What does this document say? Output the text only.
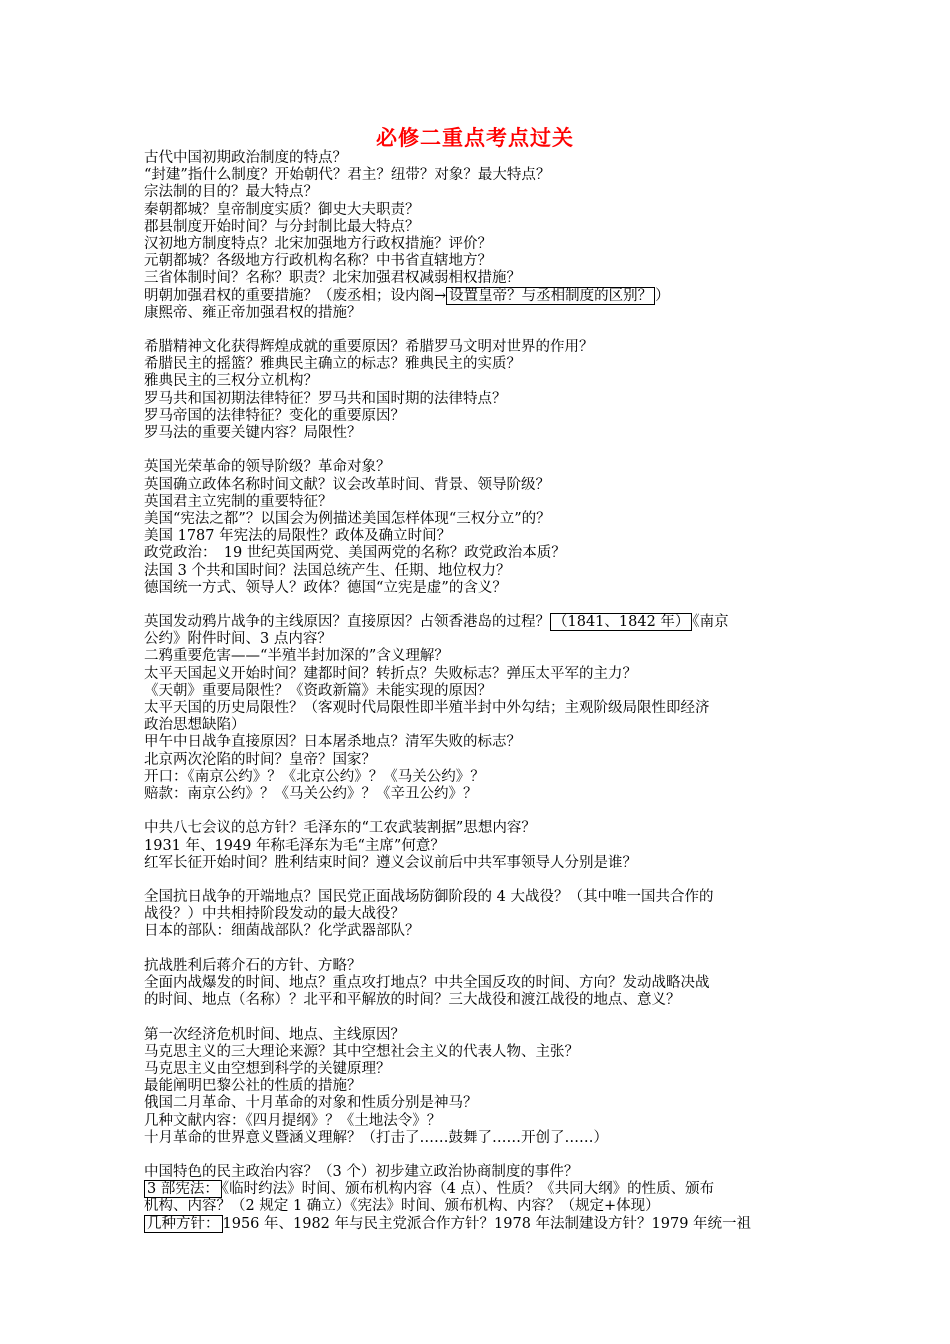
必修二重点考点过关
古代中国初期政治制度的特点？
“封建”指什么制度？开始朝代？君主？纽带？对象？最大特点？
宗法制的目的？最大特点？
秦朝都城？皇帝制度实质？御史大夫职责？
郡县制度开始时间？与分封制比最大特点？
汉初地方制度特点？北宋加强地方行政权措施？评价？
元朝都城？各级地方行政机构名称？中书省直辖地方？
三省体制时间？名称？职责？北宋加强君权减弱相权措施？
明朝加强君权的重要措施？（废丞相；设内阁→ 设置皇帝？与丞相制度的区别？ ）
康熙帝、雍正帝加强君权的措施？
希腊精神文化获得辉煌成就的重要原因？希腊罗马文明对世界的作用？
希腊民主的摇篮？雅典民主确立的标志？雅典民主的实质？
雅典民主的三权分立机构？
罗马共和国初期法律特征？罗马共和国时期的法律特点？
罗马帝国的法律特征？变化的重要原因？
罗马法的重要关键内容？局限性？
英国光荣革命的领导阶级？革命对象？
英国确立政体名称时间文献？议会改革时间、背景、领导阶级？
英国君主立宪制的重要特征？
美国“宪法之都”？以国会为例描述美国怎样体现“三权分立”的？
美国 1787 年宪法的局限性？政体及确立时间？
政党政治：　19 世纪英国两党、美国两党的名称？政党政治本质？
法国 3 个共和国时间？法国总统产生、任期、地位权力？
德国统一方式、领导人？政体？德国“立宪是虚”的含义？
英国发动鸦片战争的主线原因？直接原因？占领香港岛的过程？ （1841、1842 年） 《南京
公约》附件时间、3 点内容？
二鸦重要危害——“半殖半封加深的”含义理解？
太平天国起义开始时间？建都时间？转折点？失败标志？弹压太平军的主力？
《天朝》重要局限性？《资政新篇》未能实现的原因？
太平天国的历史局限性？（客观时代局限性即半殖半封中外勾结；主观阶级局限性即经济
政治思想缺陷）
甲午中日战争直接原因？日本屠杀地点？清军失败的标志？
北京两次沦陷的时间？皇帝？国家？
开口：《南京公约》？《北京公约》？《马关公约》？
赔款：南京公约》？《马关公约》？《辛丑公约》？
中共八七会议的总方针？毛泽东的“工农武装割据”思想内容？
1931 年、1949 年称毛泽东为毛“主席”何意？
红军长征开始时间？胜利结束时间？遵义会议前后中共军事领导人分别是谁？
全国抗日战争的开端地点？国民党正面战场防御阶段的 4 大战役？（其中唯一国共合作的
战役？）中共相持阶段发动的最大战役？
日本的部队：细菌战部队？化学武器部队？
抗战胜利后蒋介石的方针、方略？
全面内战爆发的时间、地点？重点攻打地点？中共全国反攻的时间、方向？发动战略决战
的时间、地点（名称）？北平和平解放的时间？三大战役和渡江战役的地点、意义？
第一次经济危机时间、地点、主线原因？
马克思主义的三大理论来源？其中空想社会主义的代表人物、主张？
马克思主义由空想到科学的关键原理？
最能阐明巴黎公社的性质的措施？
俄国二月革命、十月革命的对象和性质分别是神马？
几种文献内容：《四月提纲》？《土地法令》？
十月革命的世界意义暨涵义理解？（打击了……鼓舞了……开创了……）
中国特色的民主政治内容？（3 个）初步建立政治协商制度的事件？
3 部宪法： 《临时约法》时间、颁布机构内容（4 点）、性质？《共同大纲》的性质、颁布
机构、内容？（2 规定 1 确立）《宪法》时间、颁布机构、内容？（规定+体现）
几种方针： 1956 年、1982 年与民主党派合作方针？1978 年法制建设方针？1979 年统一祖
